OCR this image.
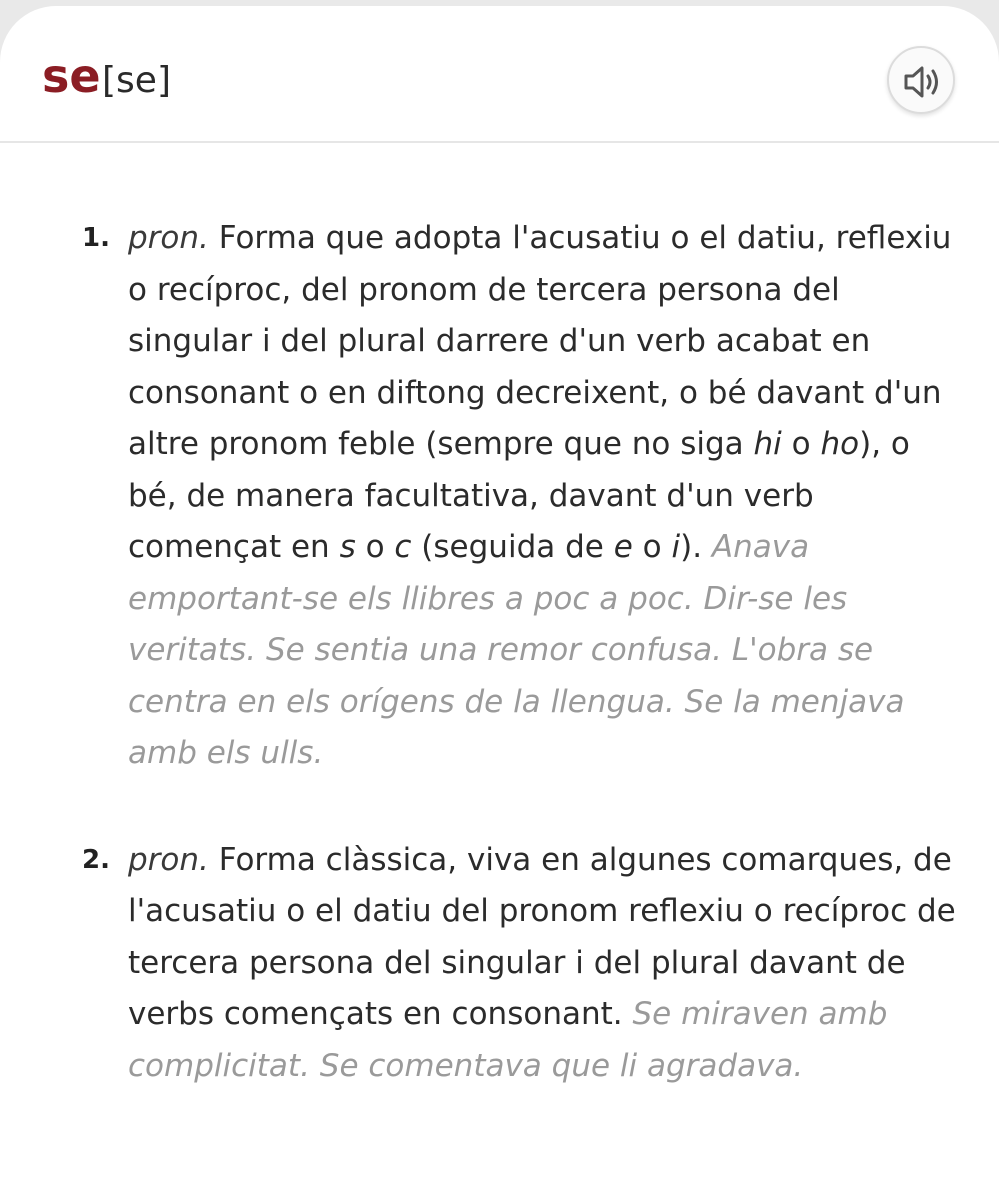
se [se]
1. pron. Forma que adopta l'acusatiu o el datiu, reflexiu o recíproc, del pronom de tercera persona del singular i del plural darrere d'un verb acabat en consonant o en diftong decreixent, o bé davant d'un altre pronom feble (sempre que no siga hi o ho), o bé, de manera facultativa, davant d'un verb començat en s o c (seguida de e o i). Anava emportant-se els llibres a poc a poc. Dir-se les veritats. Se sentia una remor confusa. L'obra se centra en els orígens de la llengua. Se la menjava amb els ulls.
2. pron. Forma clàssica, viva en algunes comarques, de l'acusatiu o el datiu del pronom reflexiu o recíproc de tercera persona del singular i del plural davant de verbs començats en consonant. Se miraven amb complicitat. Se comentava que li agradava.
